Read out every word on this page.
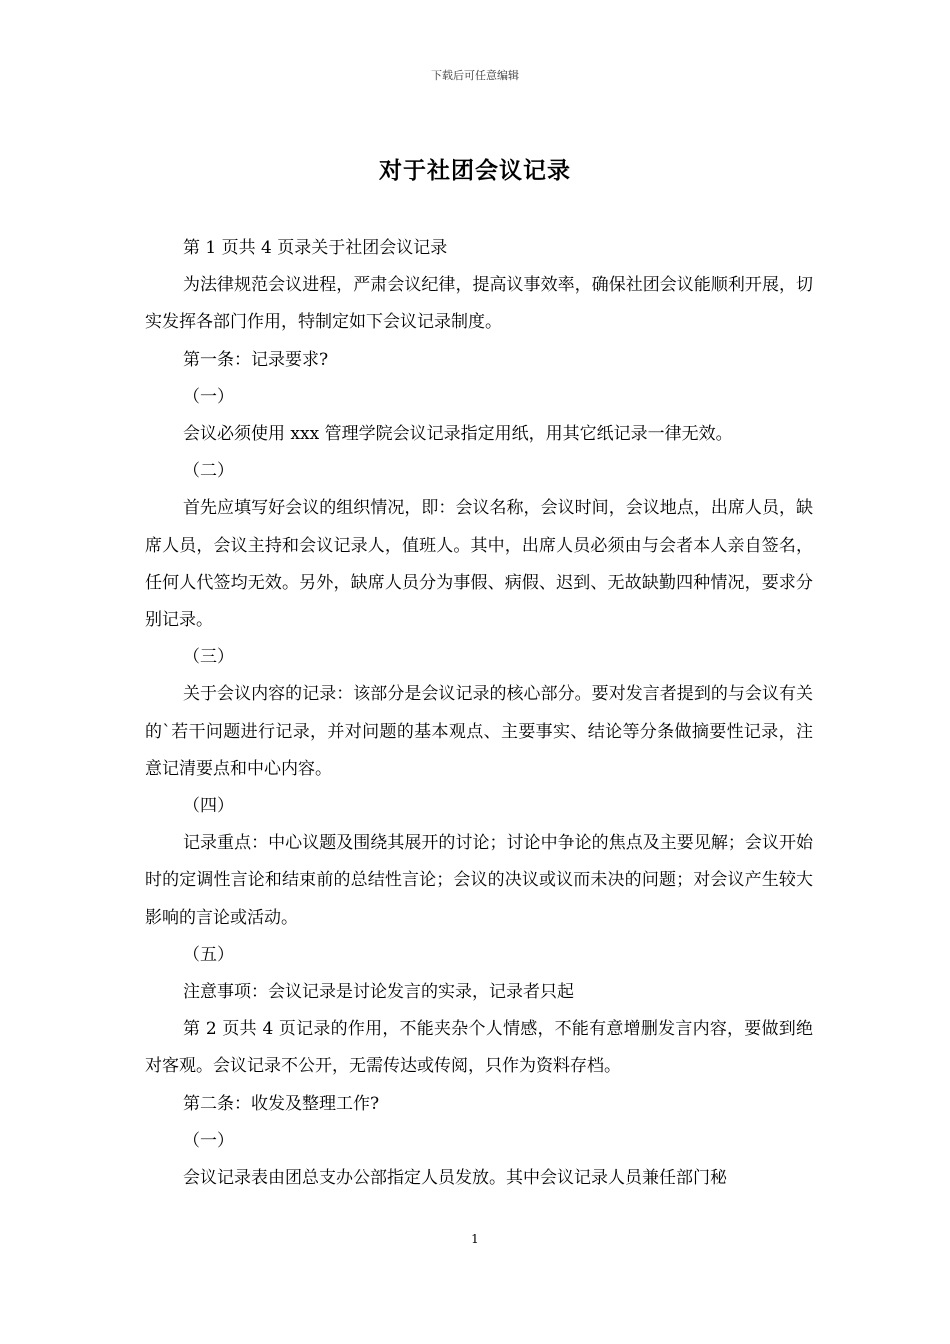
下载后可任意编辑
对于社团会议记录

第 1 页共 4 页录关于社团会议记录

为法律规范会议进程，严肃会议纪律，提高议事效率，确保社团会议能顺利开展，切实发挥各部门作用，特制定如下会议记录制度。

第一条：记录要求?

（一）

会议必须使用 xxx 管理学院会议记录指定用纸，用其它纸记录一律无效。

（二）

首先应填写好会议的组织情况，即：会议名称，会议时间，会议地点，出席人员，缺席人员，会议主持和会议记录人，值班人。其中，出席人员必须由与会者本人亲自签名，任何人代签均无效。另外，缺席人员分为事假、病假、迟到、无故缺勤四种情况，要求分别记录。

（三）

关于会议内容的记录：该部分是会议记录的核心部分。要对发言者提到的与会议有关的`若干问题进行记录，并对问题的基本观点、主要事实、结论等分条做摘要性记录，注意记清要点和中心内容。

（四）

记录重点：中心议题及围绕其展开的讨论；讨论中争论的焦点及主要见解；会议开始时的定调性言论和结束前的总结性言论；会议的决议或议而未决的问题；对会议产生较大影响的言论或活动。

（五）

注意事项：会议记录是讨论发言的实录，记录者只起

第 2 页共 4 页记录的作用，不能夹杂个人情感，不能有意增删发言内容，要做到绝对客观。会议记录不公开，无需传达或传阅，只作为资料存档。

第二条：收发及整理工作?

（一）

会议记录表由团总支办公部指定人员发放。其中会议记录人员兼任部门秘

1
